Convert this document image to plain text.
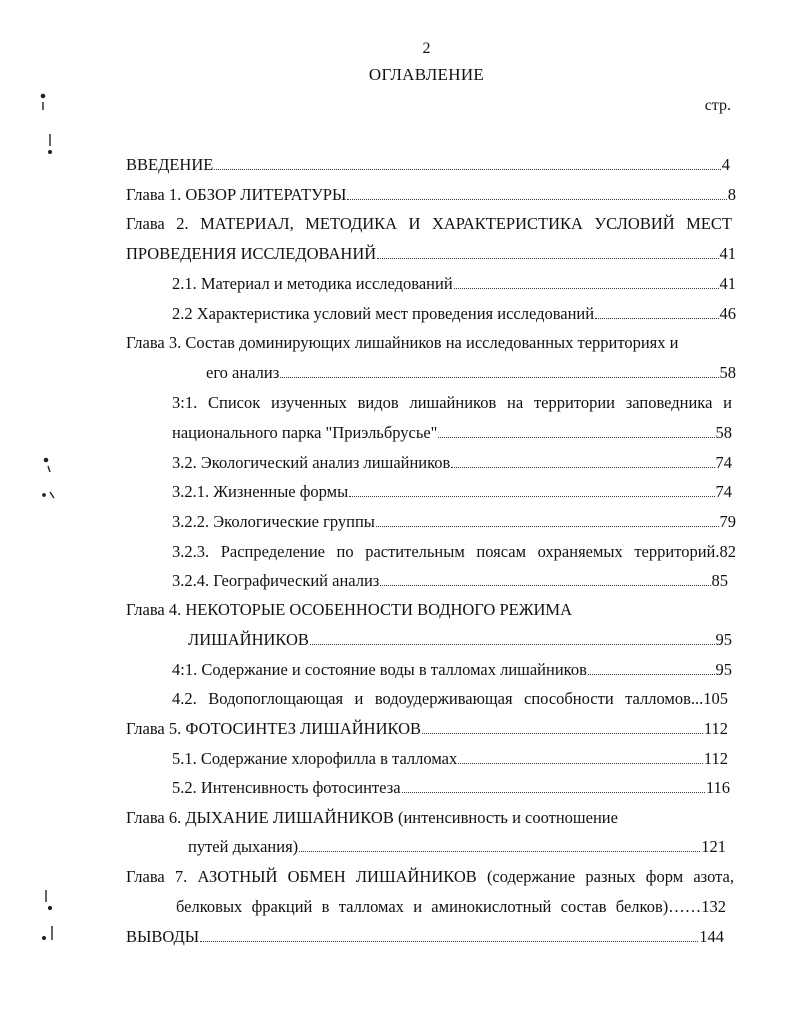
2
ОГЛАВЛЕНИЕ
стр.
ВВЕДЕНИЕ	4
Глава 1. ОБЗОР ЛИТЕРАТУРЫ	8
Глава 2. МАТЕРИАЛ, МЕТОДИКА И ХАРАКТЕРИСТИКА УСЛОВИЙ МЕСТ
ПРОВЕДЕНИЯ ИССЛЕДОВАНИЙ	41
2.1. Материал и методика исследований	41
2.2 Характеристика условий мест проведения исследований	46
Глава 3. Состав доминирующих лишайников на исследованных территориях и
его анализ	58
3:1. Список изученных видов лишайников на территории заповедника и
национального парка "Приэльбрусье"	58
3.2. Экологический анализ лишайников	74
3.2.1. Жизненные формы	74
3.2.2. Экологические группы	79
3.2.3. Распределение по растительным поясам охраняемых территорий.82
3.2.4. Географический анализ	85
Глава 4. НЕКОТОРЫЕ ОСОБЕННОСТИ ВОДНОГО РЕЖИМА
ЛИШАЙНИКОВ	95
4:1. Содержание и состояние воды в талломах лишайников	95
4.2. Водопоглощающая и водоудерживающая способности талломов...105
Глава 5. ФОТОСИНТЕЗ ЛИШАЙНИКОВ	112
5.1. Содержание хлорофилла в талломах	112
5.2. Интенсивность фотосинтеза	116
Глава 6. ДЫХАНИЕ ЛИШАЙНИКОВ (интенсивность и соотношение
путей дыхания)	121
Глава 7. АЗОТНЫЙ ОБМЕН ЛИШАЙНИКОВ (содержание разных форм азота,
белковых фракций в талломах и аминокислотный состав белков)……132
ВЫВОДЫ	144
